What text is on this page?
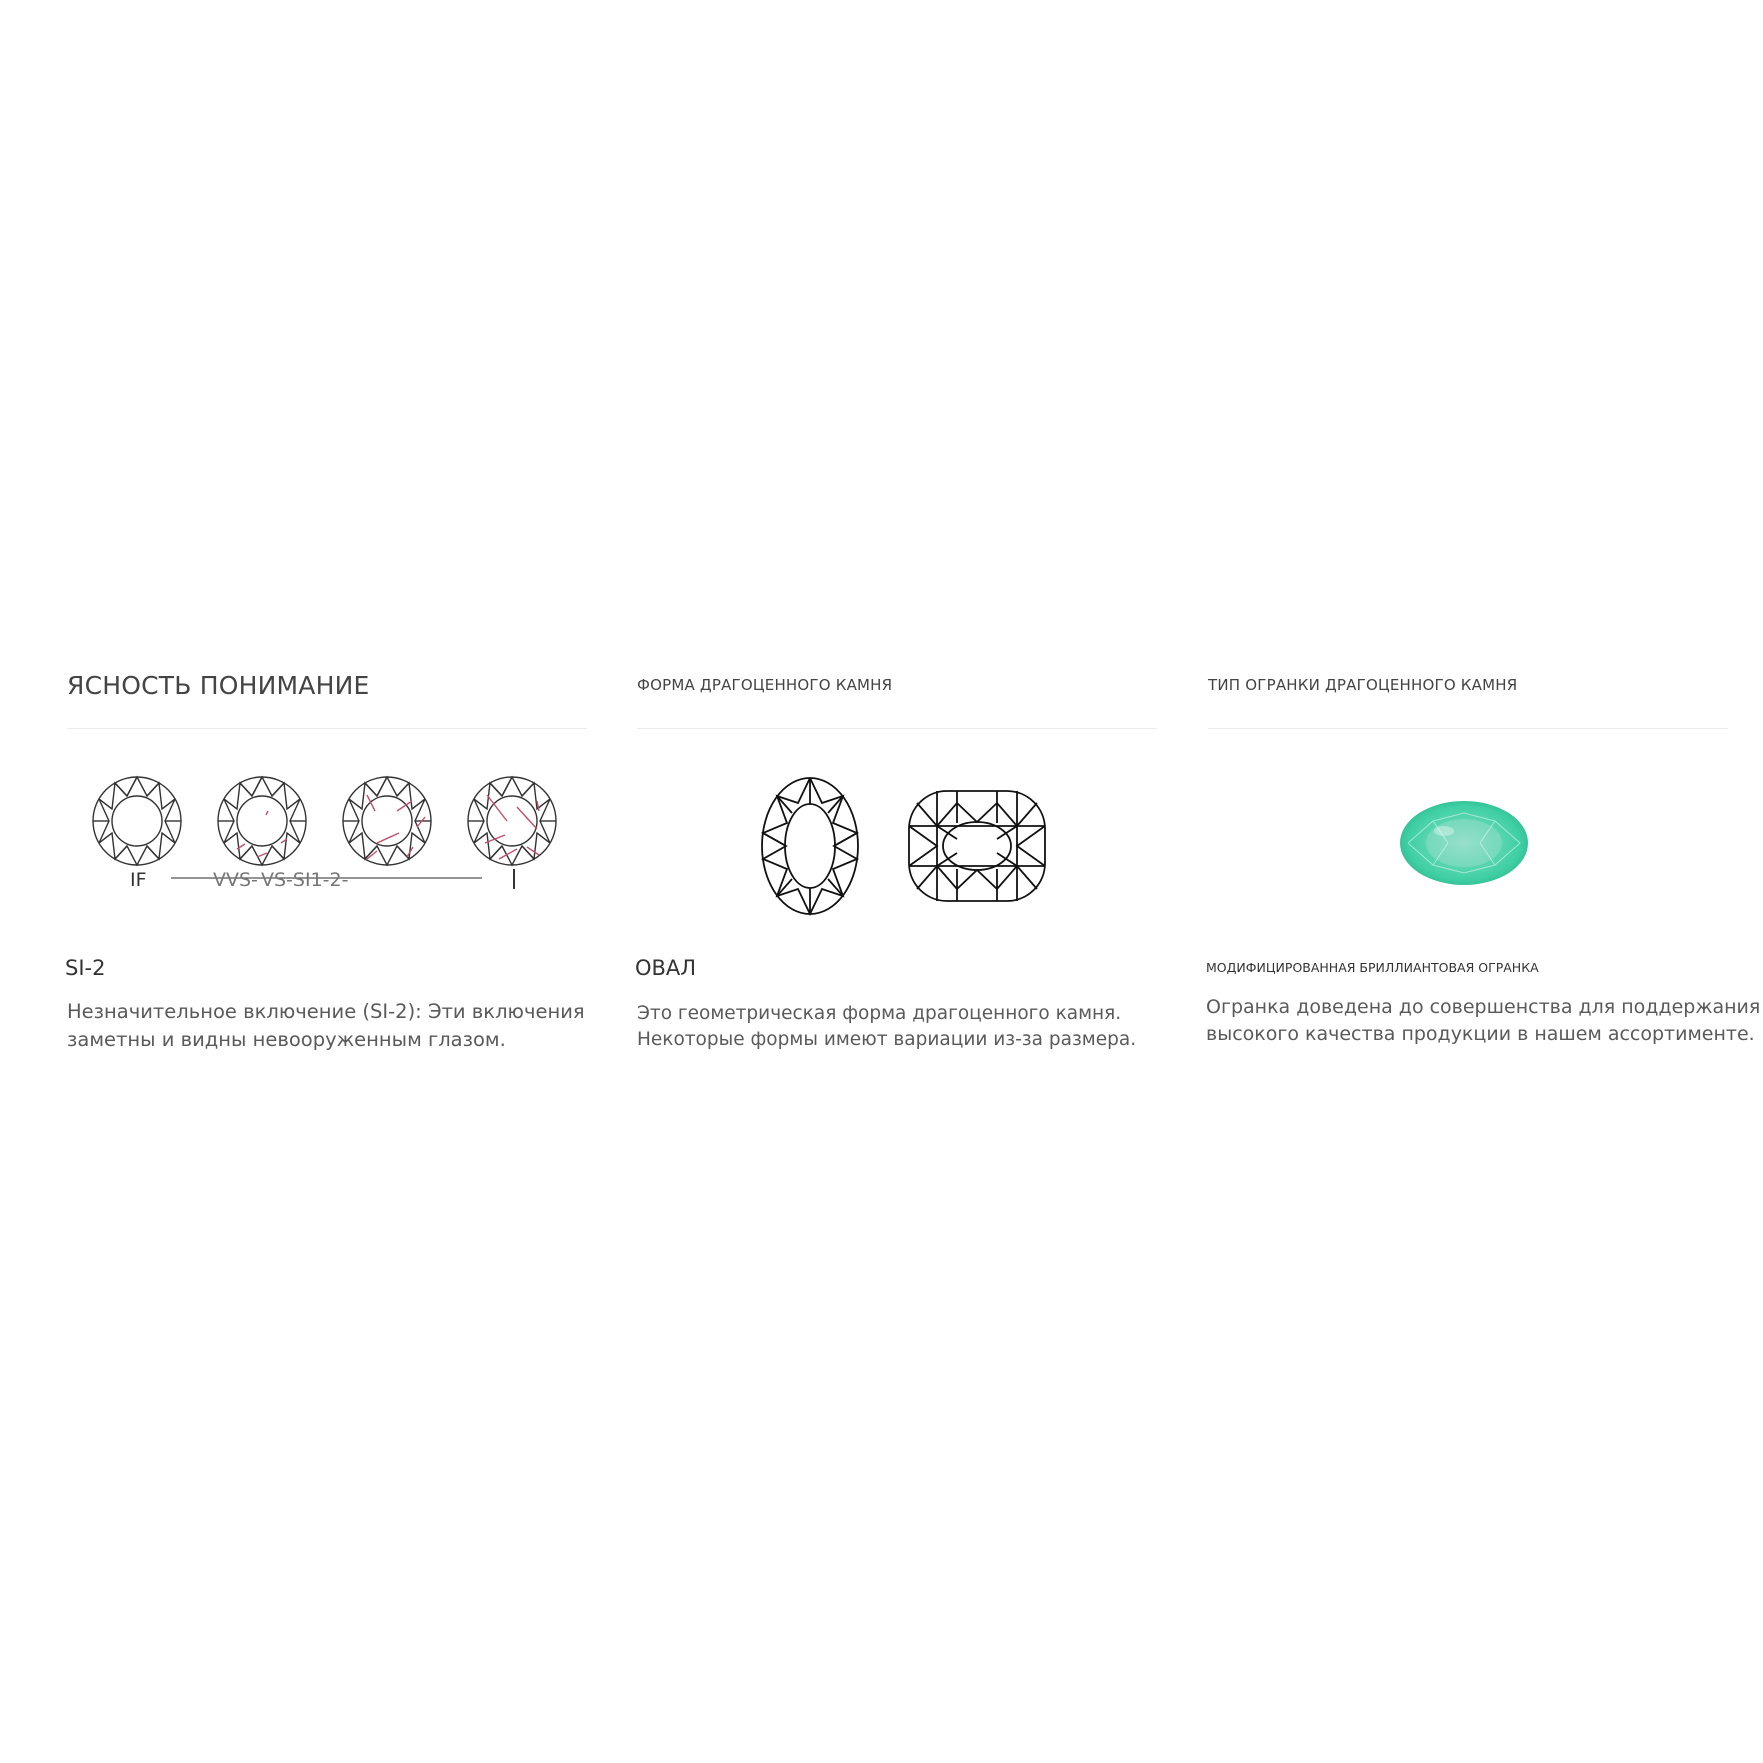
ЯСНОСТЬ ПОНИМАНИЕ
IF	VVS- VS-SI1-2-
SI-2
Незначительное включение (SI-2): Эти включения
заметны и видны невооруженным глазом.
ФОРМА ДРАГОЦЕННОГО КАМНЯ
ОВАЛ
Это геометрическая форма драгоценного камня.
Некоторые формы имеют вариации из-за размера.
ТИП ОГРАНКИ ДРАГОЦЕННОГО КАМНЯ
МОДИФИЦИРОВАННАЯ БРИЛЛИАНТОВАЯ ОГРАНКА
Огранка доведена до совершенства для поддержания
высокого качества продукции в нашем ассортименте.
